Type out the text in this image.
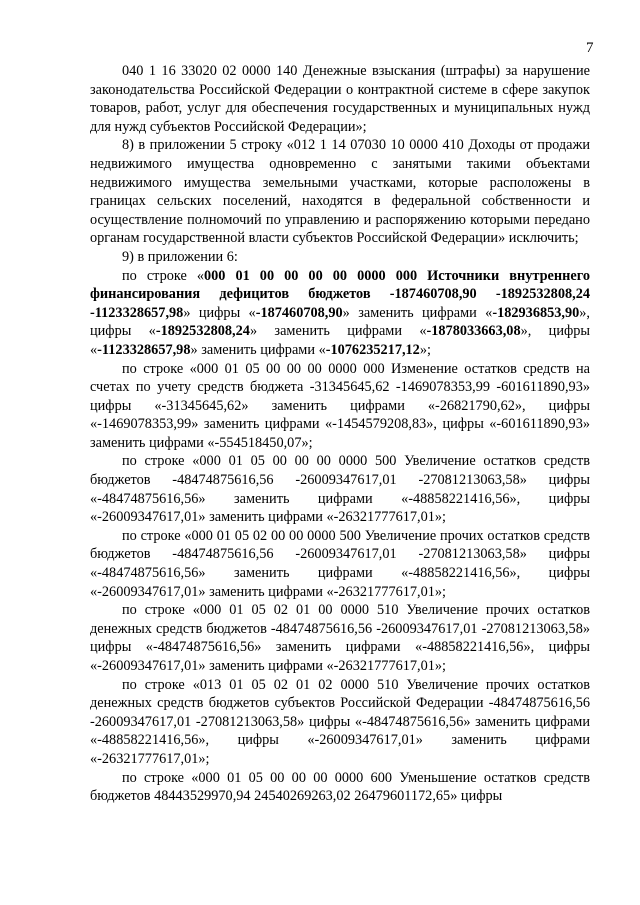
7

040 1 16 33020 02 0000 140 Денежные взыскания (штрафы) за нарушение законодательства Российской Федерации о контрактной системе в сфере закупок товаров, работ, услуг для обеспечения государственных и муниципальных нужд для нужд субъектов Российской Федерации»;

8) в приложении 5 строку «012 1 14 07030 10 0000 410 Доходы от продажи недвижимого имущества одновременно с занятыми такими объектами недвижимого имущества земельными участками, которые расположены в границах сельских поселений, находятся в федеральной собственности и осуществление полномочий по управлению и распоряжению которыми передано органам государственной власти субъектов Российской Федерации» исключить;

9) в приложении 6:

по строке «000 01 00 00 00 00 0000 000 Источники внутреннего финансирования дефицитов бюджетов -187460708,90 -1892532808,24 -1123328657,98» цифры «-187460708,90» заменить цифрами «-182936853,90», цифры «-1892532808,24» заменить цифрами «-1878033663,08», цифры «-1123328657,98» заменить цифрами «-1076235217,12»;

по строке «000 01 05 00 00 00 0000 000 Изменение остатков средств на счетах по учету средств бюджета -31345645,62 -1469078353,99 -601611890,93» цифры «-31345645,62» заменить цифрами «-26821790,62», цифры «-1469078353,99» заменить цифрами «-1454579208,83», цифры «-601611890,93» заменить цифрами «-554518450,07»;

по строке «000 01 05 00 00 00 0000 500 Увеличение остатков средств бюджетов -48474875616,56 -26009347617,01 -27081213063,58» цифры «-48474875616,56» заменить цифрами «-48858221416,56», цифры «-26009347617,01» заменить цифрами «-26321777617,01»;

по строке «000 01 05 02 00 00 0000 500 Увеличение прочих остатков средств бюджетов -48474875616,56 -26009347617,01 -27081213063,58» цифры «-48474875616,56» заменить цифрами «-48858221416,56», цифры «-26009347617,01» заменить цифрами «-26321777617,01»;

по строке «000 01 05 02 01 00 0000 510 Увеличение прочих остатков денежных средств бюджетов -48474875616,56 -26009347617,01 -27081213063,58» цифры «-48474875616,56» заменить цифрами «-48858221416,56», цифры «-26009347617,01» заменить цифрами «-26321777617,01»;

по строке «013 01 05 02 01 02 0000 510 Увеличение прочих остатков денежных средств бюджетов субъектов Российской Федерации -48474875616,56 -26009347617,01 -27081213063,58» цифры «-48474875616,56» заменить цифрами «-48858221416,56», цифры «-26009347617,01» заменить цифрами «-26321777617,01»;

по строке «000 01 05 00 00 00 0000 600 Уменьшение остатков средств бюджетов 48443529970,94 24540269263,02 26479601172,65» цифры
